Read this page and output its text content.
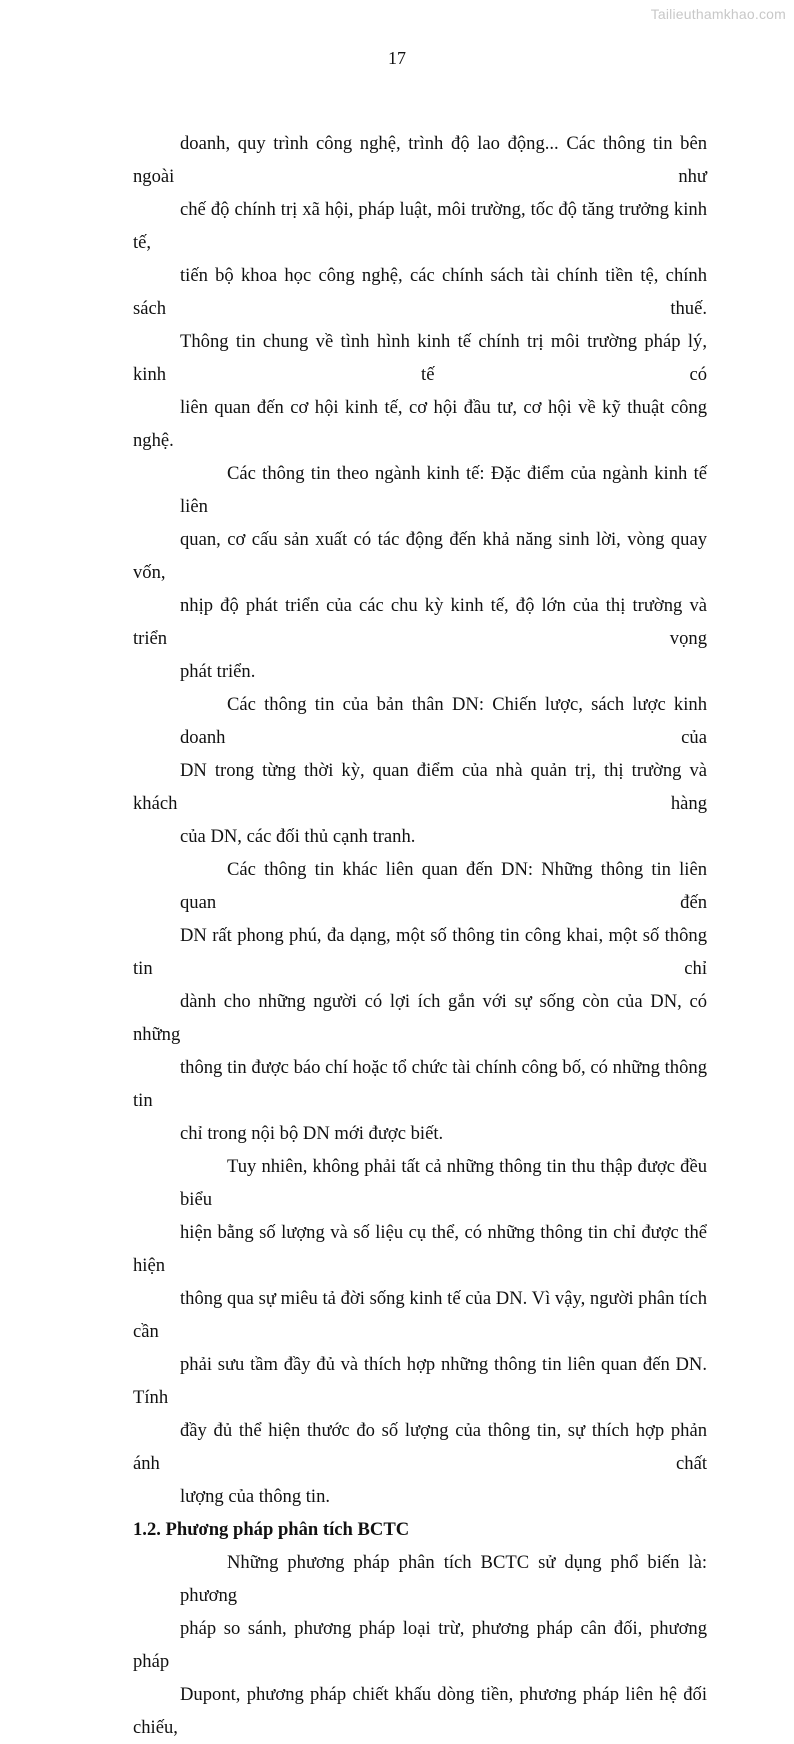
Tailieuthamkhao.com
17
doanh, quy trình công nghệ, trình độ lao động... Các thông tin bên ngoài như
chế độ chính trị xã hội, pháp luật, môi trường, tốc độ tăng trưởng kinh tế,
tiến bộ khoa học công nghệ, các chính sách tài chính tiền tệ, chính sách thuế.
Thông tin chung về tình hình kinh tế chính trị môi trường pháp lý, kinh tế có
liên quan đến cơ hội kinh tế, cơ hội đầu tư, cơ hội về kỹ thuật công nghệ.
Các thông tin theo ngành kinh tế: Đặc điểm của ngành kinh tế liên
quan, cơ cấu sản xuất có tác động đến khả năng sinh lời, vòng quay vốn,
nhịp độ phát triển của các chu kỳ kinh tế, độ lớn của thị trường và triển vọng
phát triển.
Các thông tin của bản thân DN: Chiến lược, sách lược kinh doanh của
DN trong từng thời kỳ, quan điểm của nhà quản trị, thị trường và khách hàng
của DN, các đối thủ cạnh tranh.
Các thông tin khác liên quan đến DN: Những thông tin liên quan đến
DN rất phong phú, đa dạng, một số thông tin công khai, một số thông tin chỉ
dành cho những người có lợi ích gắn với sự sống còn của DN, có những
thông tin được báo chí hoặc tổ chức tài chính công bố, có những thông tin
chỉ trong nội bộ DN mới được biết.
Tuy nhiên, không phải tất cả những thông tin thu thập được đều biểu
hiện bằng số lượng và số liệu cụ thể, có những thông tin chỉ được thể hiện
thông qua sự miêu tả đời sống kinh tế của DN. Vì vậy, người phân tích cần
phải sưu tầm đầy đủ và thích hợp những thông tin liên quan đến DN. Tính
đầy đủ thể hiện thước đo số lượng của thông tin, sự thích hợp phản ánh chất
lượng của thông tin.
1.2. Phương pháp phân tích BCTC
Những phương pháp phân tích BCTC sử dụng phổ biến là: phương
pháp so sánh, phương pháp loại trừ, phương pháp cân đối, phương pháp
Dupont, phương pháp chiết khấu dòng tiền, phương pháp liên hệ đối chiếu,
